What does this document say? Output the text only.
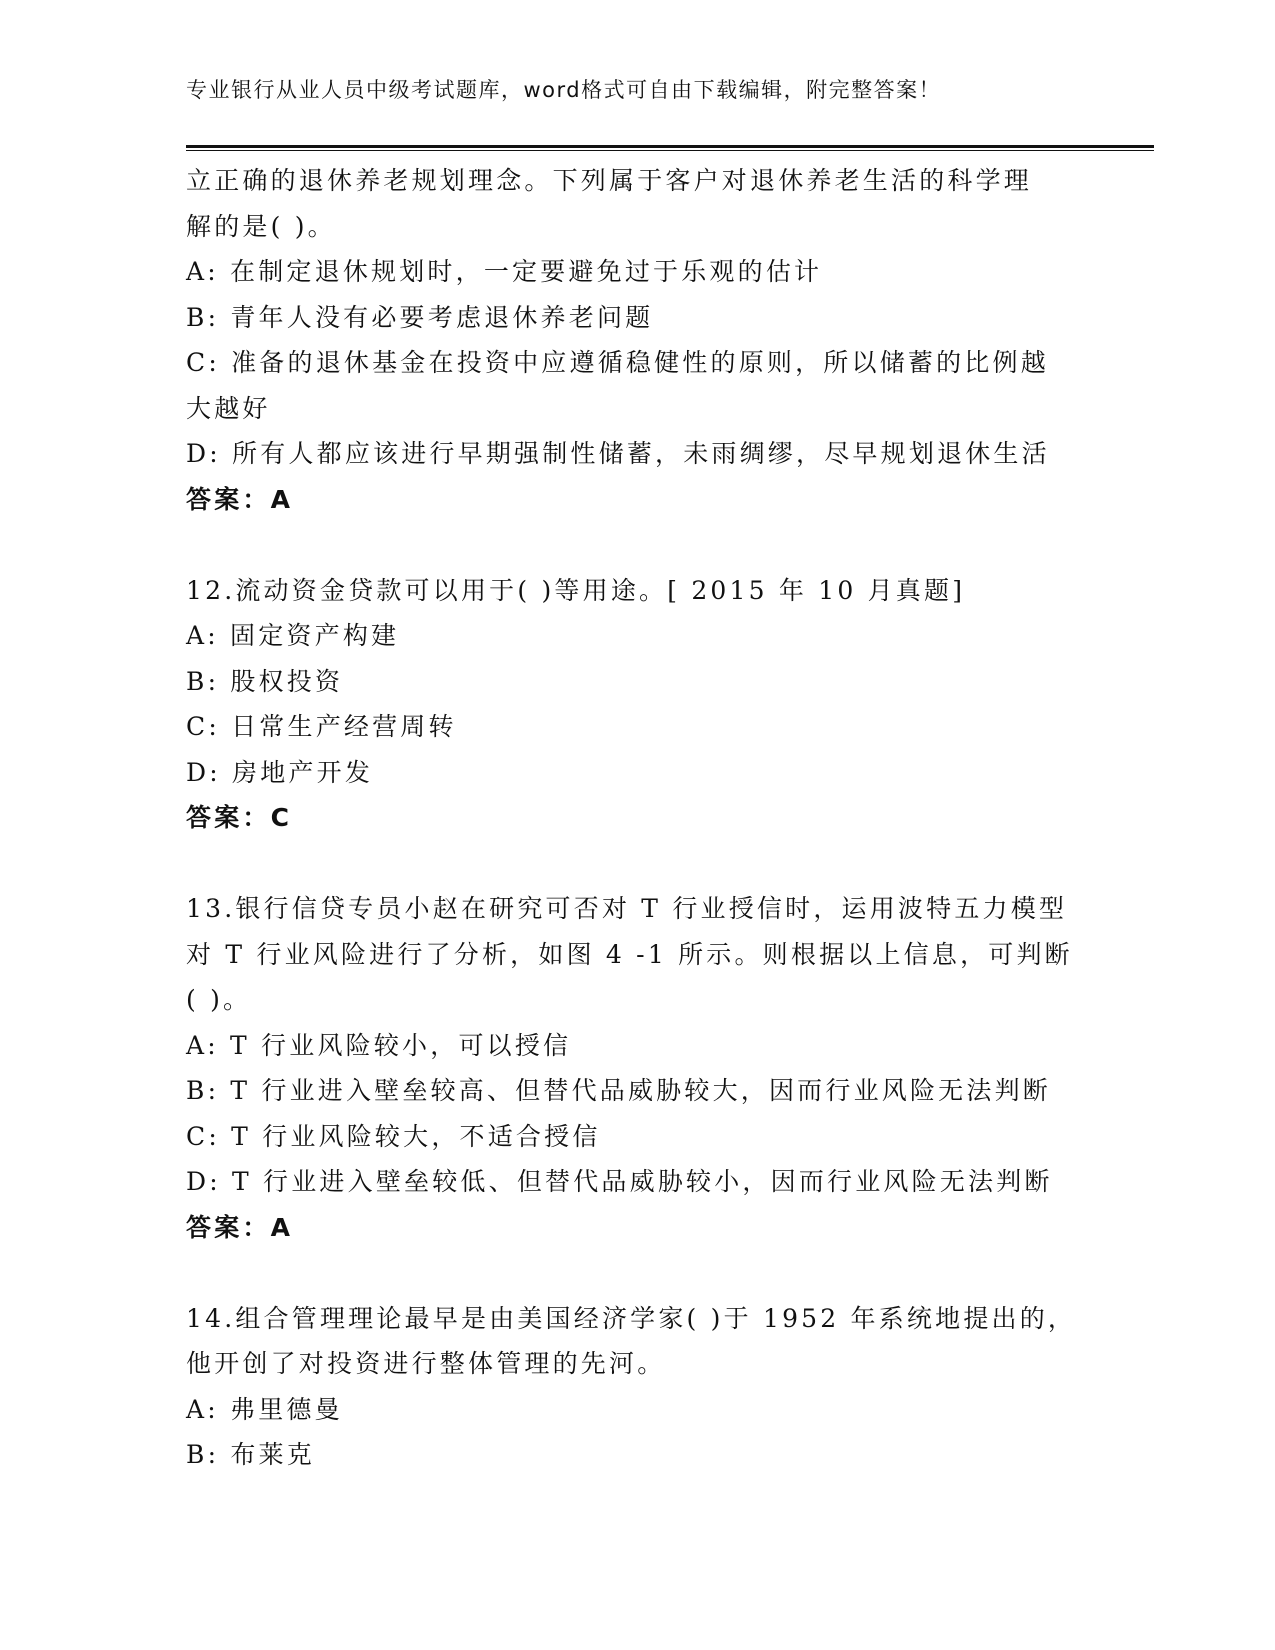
专业银行从业人员中级考试题库，word格式可自由下载编辑，附完整答案！
立正确的退休养老规划理念。下列属于客户对退休养老生活的科学理
解的是( )。
A: 在制定退休规划时，一定要避免过于乐观的估计
B: 青年人没有必要考虑退休养老问题
C: 准备的退休基金在投资中应遵循稳健性的原则，所以储蓄的比例越
大越好
D: 所有人都应该进行早期强制性储蓄，未雨绸缪，尽早规划退休生活
答案：A
12.流动资金贷款可以用于( )等用途。[ 2015 年 10 月真题]
A: 固定资产构建
B: 股权投资
C: 日常生产经营周转
D: 房地产开发
答案：C
13.银行信贷专员小赵在研究可否对 T 行业授信时，运用波特五力模型
对 T 行业风险进行了分析，如图 4 -1 所示。则根据以上信息，可判断
( )。
A: T 行业风险较小，可以授信
B: T 行业进入壁垒较高、但替代品威胁较大，因而行业风险无法判断
C: T 行业风险较大，不适合授信
D: T 行业进入壁垒较低、但替代品威胁较小，因而行业风险无法判断
答案：A
14.组合管理理论最早是由美国经济学家( )于 1952 年系统地提出的，
他开创了对投资进行整体管理的先河。
A: 弗里德曼
B: 布莱克
